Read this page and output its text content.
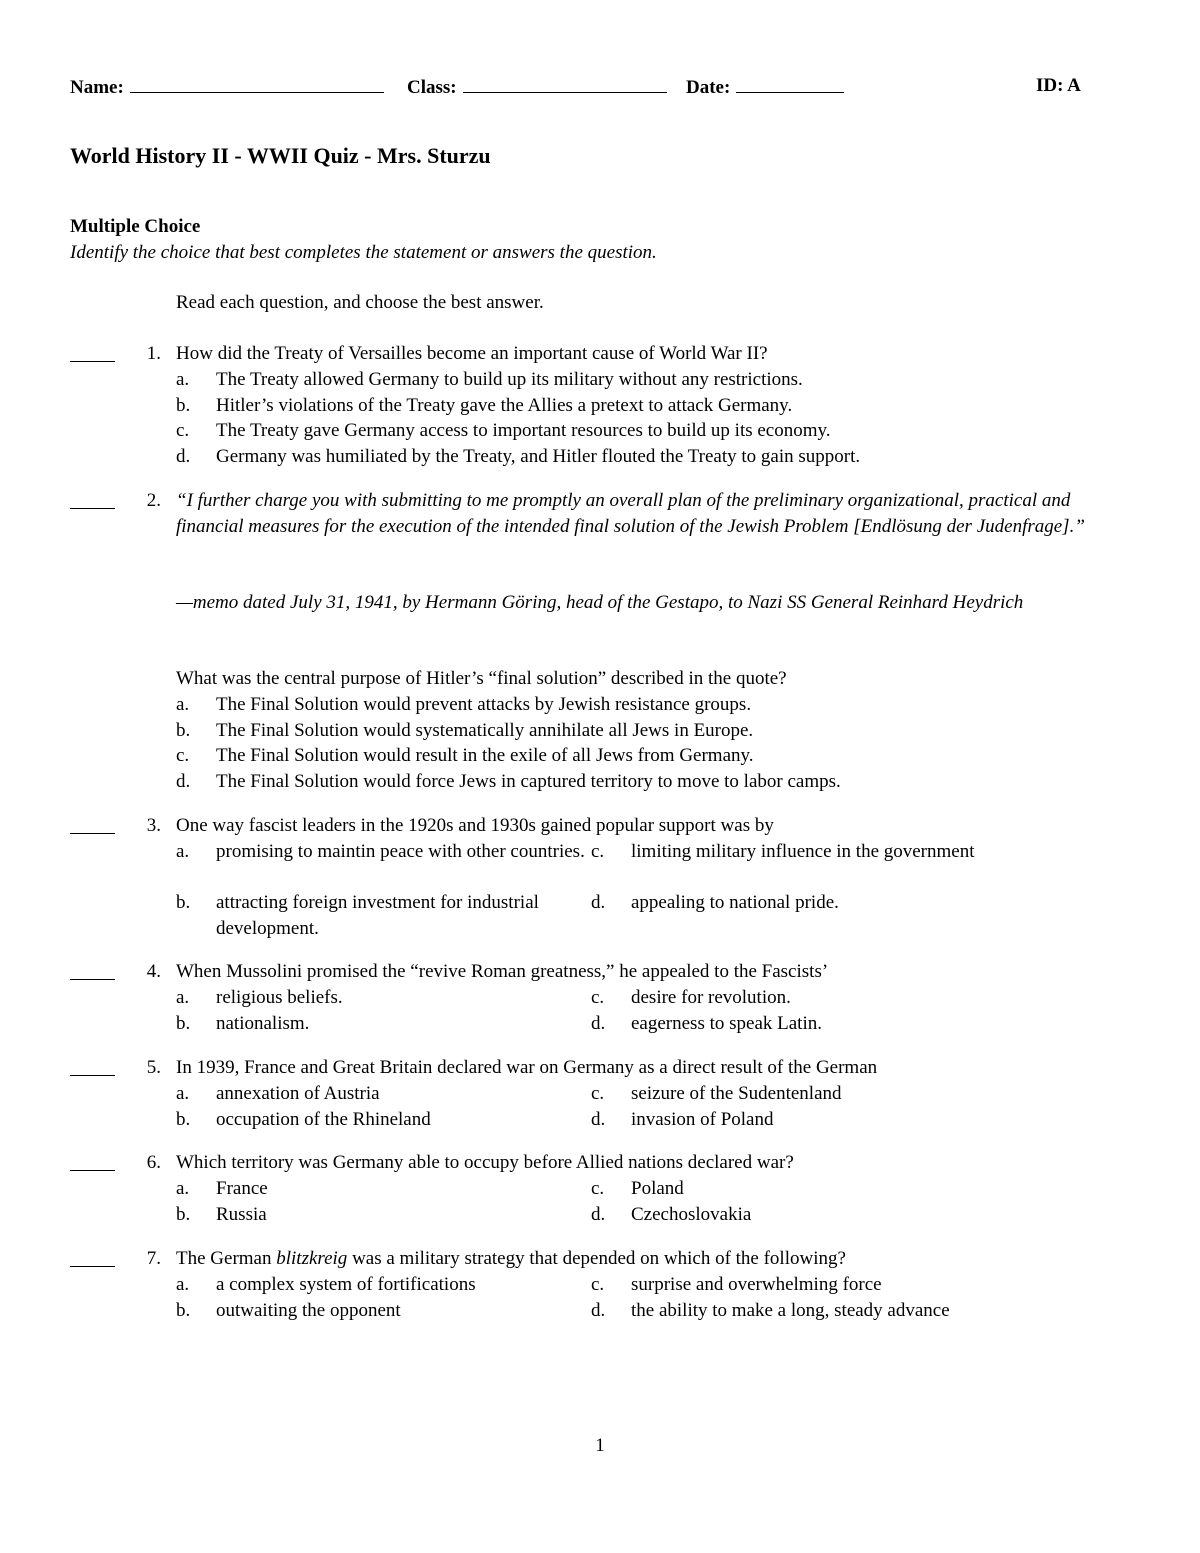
Name:	Class:	Date:	ID: A
World History II - WWII Quiz - Mrs. Sturzu
Multiple Choice
Identify the choice that best completes the statement or answers the question.
Read each question, and choose the best answer.
1. How did the Treaty of Versailles become an important cause of World War II?
a. The Treaty allowed Germany to build up its military without any restrictions.
b. Hitler’s violations of the Treaty gave the Allies a pretext to attack Germany.
c. The Treaty gave Germany access to important resources to build up its economy.
d. Germany was humiliated by the Treaty, and Hitler flouted the Treaty to gain support.
2. “I further charge you with submitting to me promptly an overall plan of the preliminary organizational, practical and financial measures for the execution of the intended final solution of the Jewish Problem [Endlösung der Judenfrage].”
—memo dated July 31, 1941, by Hermann Göring, head of the Gestapo, to Nazi SS General Reinhard Heydrich
What was the central purpose of Hitler’s “final solution” described in the quote?
a. The Final Solution would prevent attacks by Jewish resistance groups.
b. The Final Solution would systematically annihilate all Jews in Europe.
c. The Final Solution would result in the exile of all Jews from Germany.
d. The Final Solution would force Jews in captured territory to move to labor camps.
3. One way fascist leaders in the 1920s and 1930s gained popular support was by
a. promising to maintin peace with other countries.
b. attracting foreign investment for industrial development.
c. limiting military influence in the government
d. appealing to national pride.
4. When Mussolini promised the “revive Roman greatness,” he appealed to the Fascists’
a. religious beliefs.
b. nationalism.
c. desire for revolution.
d. eagerness to speak Latin.
5. In 1939, France and Great Britain declared war on Germany as a direct result of the German
a. annexation of Austria
b. occupation of the Rhineland
c. seizure of the Sudentenland
d. invasion of Poland
6. Which territory was Germany able to occupy before Allied nations declared war?
a. France
b. Russia
c. Poland
d. Czechoslovakia
7. The German blitzkreig was a military strategy that depended on which of the following?
a. a complex system of fortifications
b. outwaiting the opponent
c. surprise and overwhelming force
d. the ability to make a long, steady advance
1
